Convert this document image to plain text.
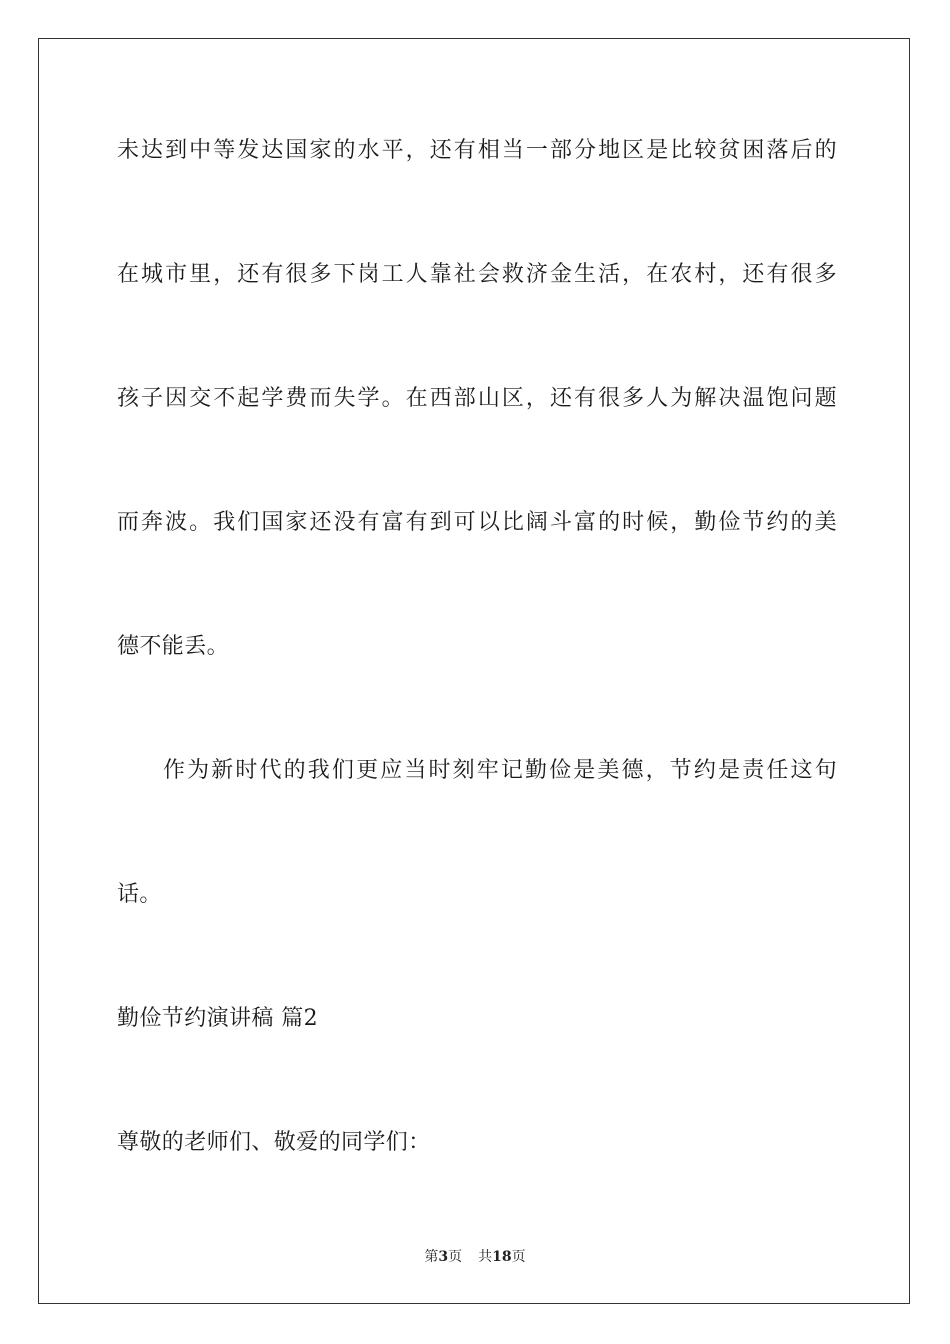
未达到中等发达国家的水平，还有相当一部分地区是比较贫困落后的
在城市里，还有很多下岗工人靠社会救济金生活，在农村，还有很多
孩子因交不起学费而失学。在西部山区，还有很多人为解决温饱问题
而奔波。我们国家还没有富有到可以比阔斗富的时候，勤俭节约的美
德不能丢。
作为新时代的我们更应当时刻牢记勤俭是美德，节约是责任这句
话。
勤俭节约演讲稿 篇2
尊敬的老师们、敬爱的同学们：
第3页 共18页
